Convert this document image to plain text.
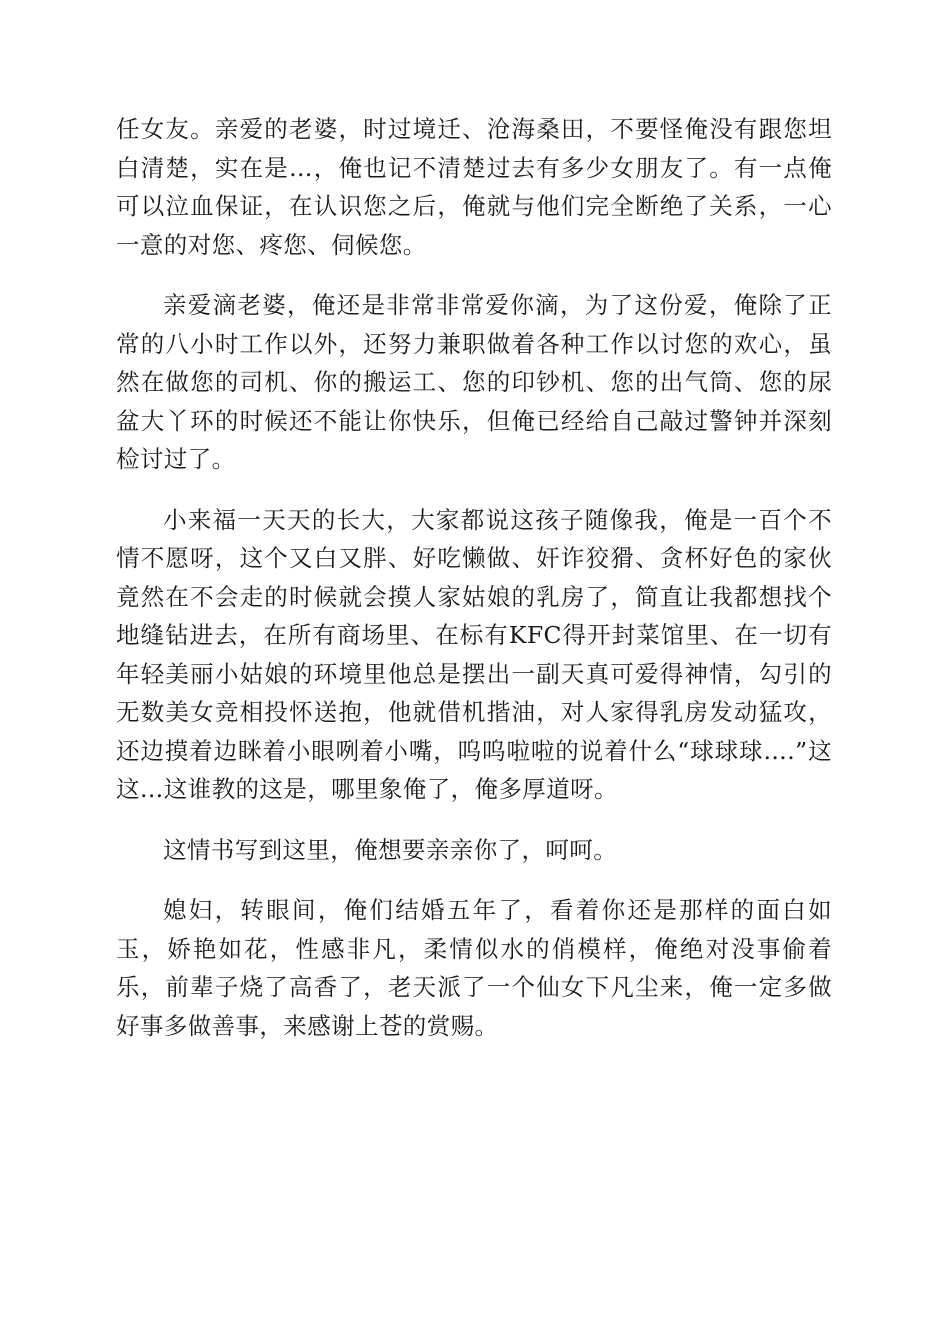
任女友。亲爱的老婆，时过境迁、沧海桑田，不要怪俺没有跟您坦白清楚，实在是…，俺也记不清楚过去有多少女朋友了。有一点俺可以泣血保证，在认识您之后，俺就与他们完全断绝了关系，一心一意的对您、疼您、伺候您。

亲爱滴老婆，俺还是非常非常爱你滴，为了这份爱，俺除了正常的八小时工作以外，还努力兼职做着各种工作以讨您的欢心，虽然在做您的司机、你的搬运工、您的印钞机、您的出气筒、您的尿盆大丫环的时候还不能让你快乐，但俺已经给自己敲过警钟并深刻检讨过了。

小来福一天天的长大，大家都说这孩子随像我，俺是一百个不情不愿呀，这个又白又胖、好吃懒做、奸诈狡猾、贪杯好色的家伙竟然在不会走的时候就会摸人家姑娘的乳房了，简直让我都想找个地缝钻进去，在所有商场里、在标有KFC得开封菜馆里、在一切有年轻美丽小姑娘的环境里他总是摆出一副天真可爱得神情，勾引的无数美女竞相投怀送抱，他就借机揩油，对人家得乳房发动猛攻，还边摸着边眯着小眼咧着小嘴，呜呜啦啦的说着什么“球球球….”这这…这谁教的这是，哪里象俺了，俺多厚道呀。

这情书写到这里，俺想要亲亲你了，呵呵。

媳妇，转眼间，俺们结婚五年了，看着你还是那样的面白如玉，娇艳如花，性感非凡，柔情似水的俏模样，俺绝对没事偷着乐，前辈子烧了高香了，老天派了一个仙女下凡尘来，俺一定多做好事多做善事，来感谢上苍的赏赐。
